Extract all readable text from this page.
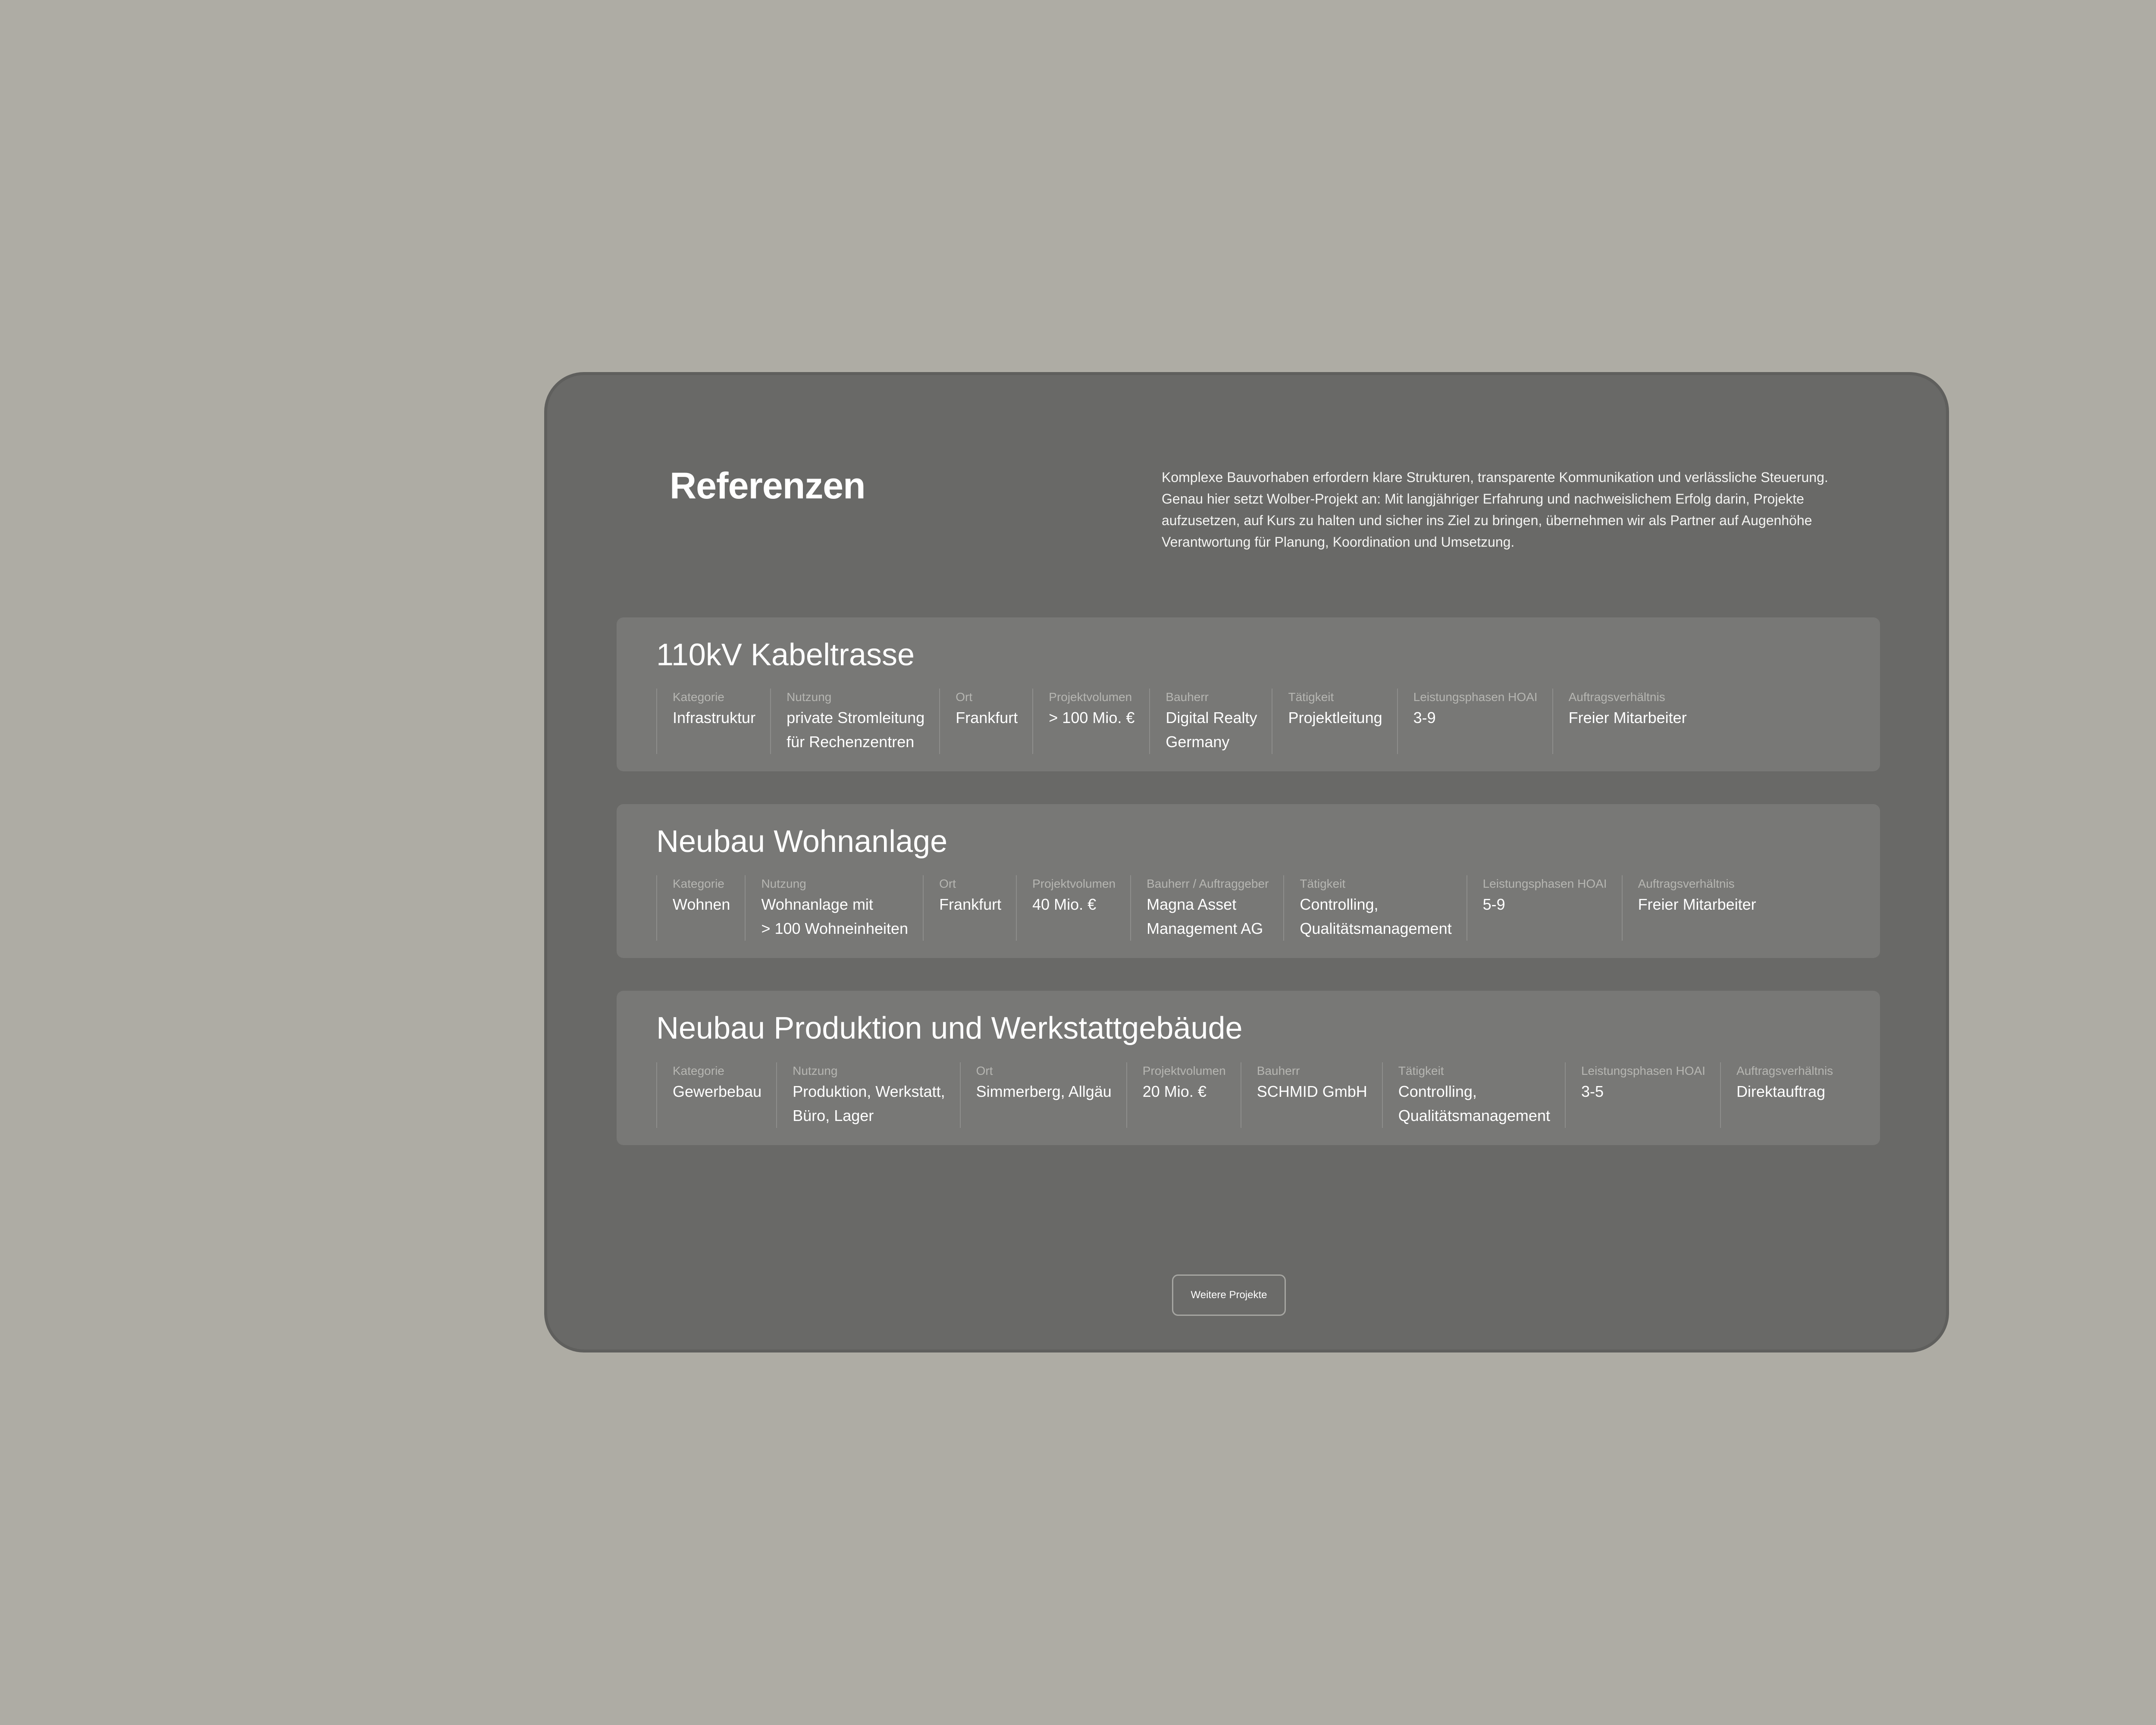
Referenzen	Komplexe Bauvorhaben erfordern klare Strukturen, transparente Kommunikation und verlässliche Steuerung. Genau hier setzt Wolber-Projekt an: Mit langjähriger Erfahrung und nachweislichem Erfolg darin, Projekte aufzusetzen, auf Kurs zu halten und sicher ins Ziel zu bringen, übernehmen wir als Partner auf Augenhöhe Verantwortung für Planung, Koordination und Umsetzung.

110kV Kabeltrasse
Kategorie
Infrastruktur
Nutzung
private Stromleitung
für Rechenzentren
Ort
Frankfurt
Projektvolumen
> 100 Mio. €
Bauherr
Digital Realty
Germany
Tätigkeit
Projektleitung
Leistungsphasen HOAI
3-9
Auftragsverhältnis
Freier Mitarbeiter
Neubau Wohnanlage
Kategorie
Wohnen
Nutzung
Wohnanlage mit
> 100 Wohneinheiten
Ort
Frankfurt
Projektvolumen
40 Mio. €
Bauherr / Auftraggeber
Magna Asset
Management AG
Tätigkeit
Controlling,
Qualitätsmanagement
Leistungsphasen HOAI
5-9
Auftragsverhältnis
Freier Mitarbeiter
Neubau Produktion und Werkstattgebäude
Kategorie
Gewerbebau
Nutzung
Produktion, Werkstatt,
Büro, Lager
Ort
Simmerberg, Allgäu
Projektvolumen
20 Mio. €
Bauherr
SCHMID GmbH
Tätigkeit
Controlling,
Qualitätsmanagement
Leistungsphasen HOAI
3-5
Auftragsverhältnis
Direktauftrag
Weitere Projekte
